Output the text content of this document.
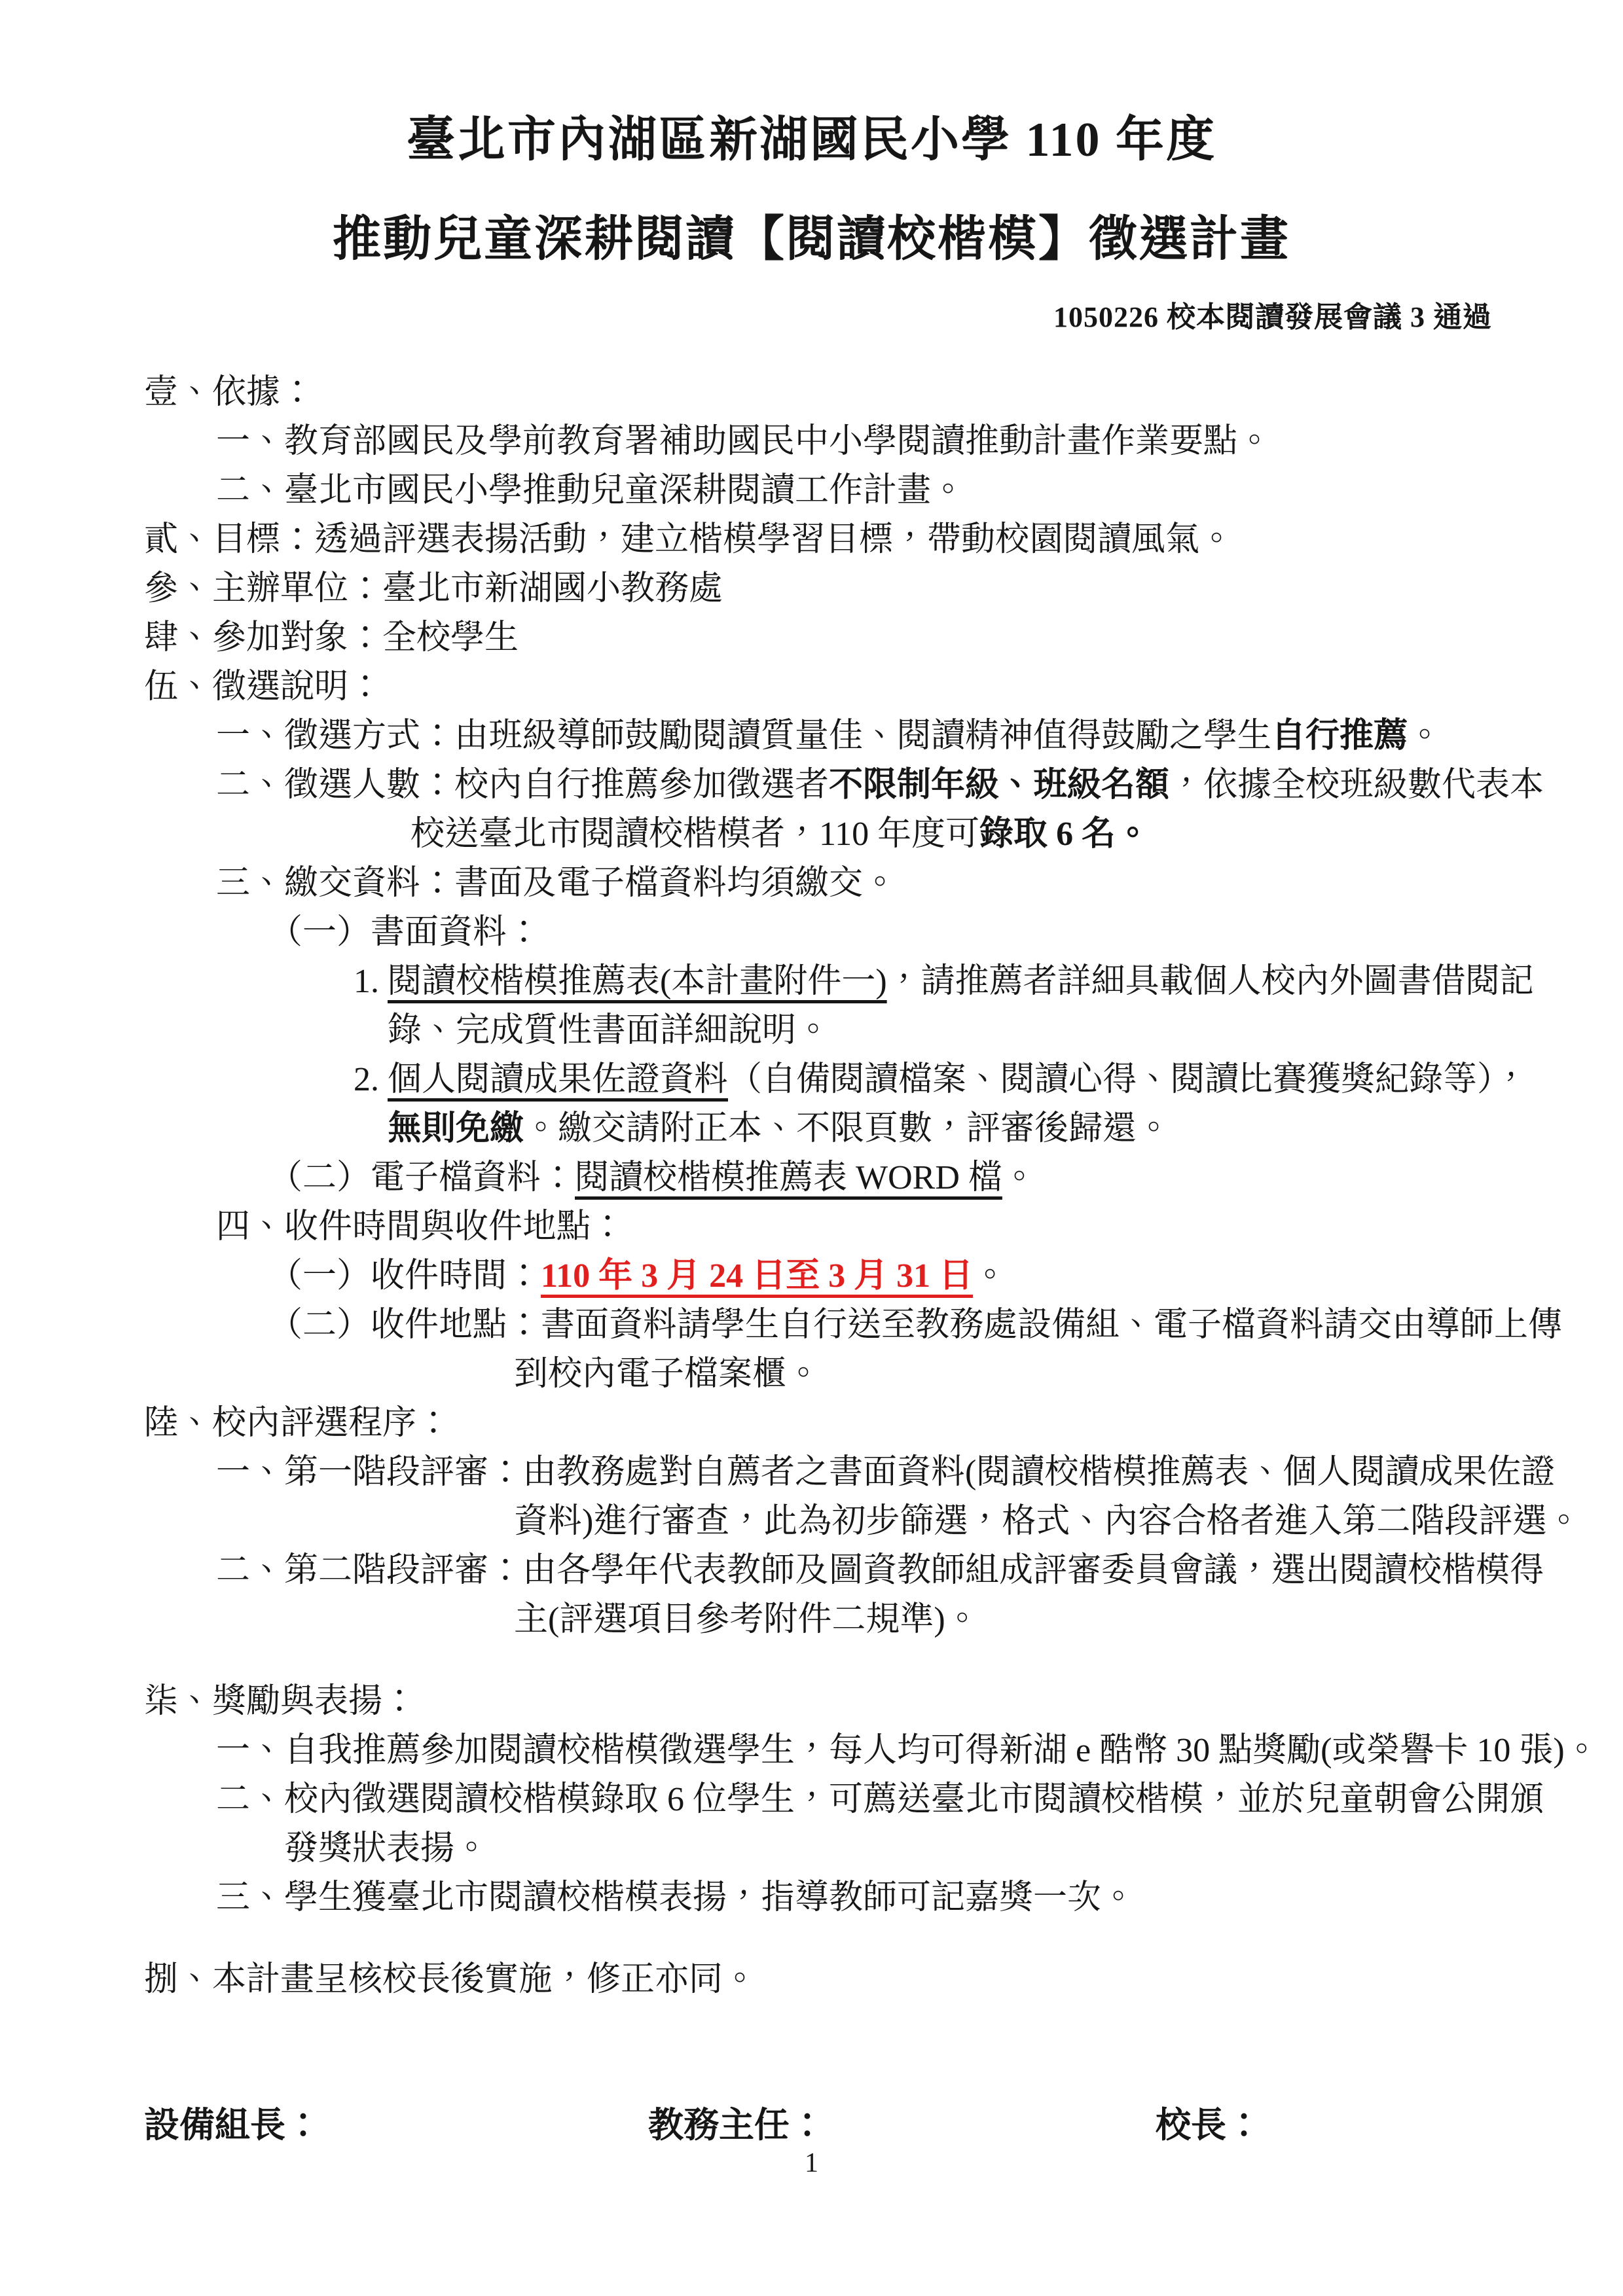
臺北市內湖區新湖國民小學 110 年度
推動兒童深耕閱讀【閱讀校楷模】徵選計畫
1050226 校本閱讀發展會議 3 通過
壹、依據：
一、教育部國民及學前教育署補助國民中小學閱讀推動計畫作業要點。
二、臺北市國民小學推動兒童深耕閱讀工作計畫。
貳、目標：透過評選表揚活動，建立楷模學習目標，帶動校園閱讀風氣。
參、主辦單位：臺北市新湖國小教務處
肆、參加對象：全校學生
伍、徵選說明：
一、徵選方式：由班級導師鼓勵閱讀質量佳、閱讀精神值得鼓勵之學生自行推薦。
二、徵選人數：校內自行推薦參加徵選者不限制年級、班級名額，依據全校班級數代表本
校送臺北市閱讀校楷模者，110 年度可錄取 6 名。
三、繳交資料：書面及電子檔資料均須繳交。
（一）書面資料：
1. 閱讀校楷模推薦表(本計畫附件一)，請推薦者詳細具載個人校內外圖書借閱記
錄、完成質性書面詳細說明。
2. 個人閱讀成果佐證資料（自備閱讀檔案、閱讀心得、閱讀比賽獲獎紀錄等），
無則免繳。繳交請附正本、不限頁數，評審後歸還。
（二）電子檔資料：閱讀校楷模推薦表 WORD 檔。
四、收件時間與收件地點：
（一）收件時間：110 年 3 月 24 日至 3 月 31 日。
（二）收件地點：書面資料請學生自行送至教務處設備組、電子檔資料請交由導師上傳
到校內電子檔案櫃。
陸、校內評選程序：
一、第一階段評審：由教務處對自薦者之書面資料(閱讀校楷模推薦表、個人閱讀成果佐證
資料)進行審查，此為初步篩選，格式、內容合格者進入第二階段評選。
二、第二階段評審：由各學年代表教師及圖資教師組成評審委員會議，選出閱讀校楷模得
主(評選項目參考附件二規準)。
柒、獎勵與表揚：
一、自我推薦參加閱讀校楷模徵選學生，每人均可得新湖 e 酷幣 30 點獎勵(或榮譽卡 10 張)。
二、校內徵選閱讀校楷模錄取 6 位學生，可薦送臺北市閱讀校楷模，並於兒童朝會公開頒
發獎狀表揚。
三、學生獲臺北市閱讀校楷模表揚，指導教師可記嘉獎一次。
捌、本計畫呈核校長後實施，修正亦同。
設備組長：	教務主任：	校長：
1
